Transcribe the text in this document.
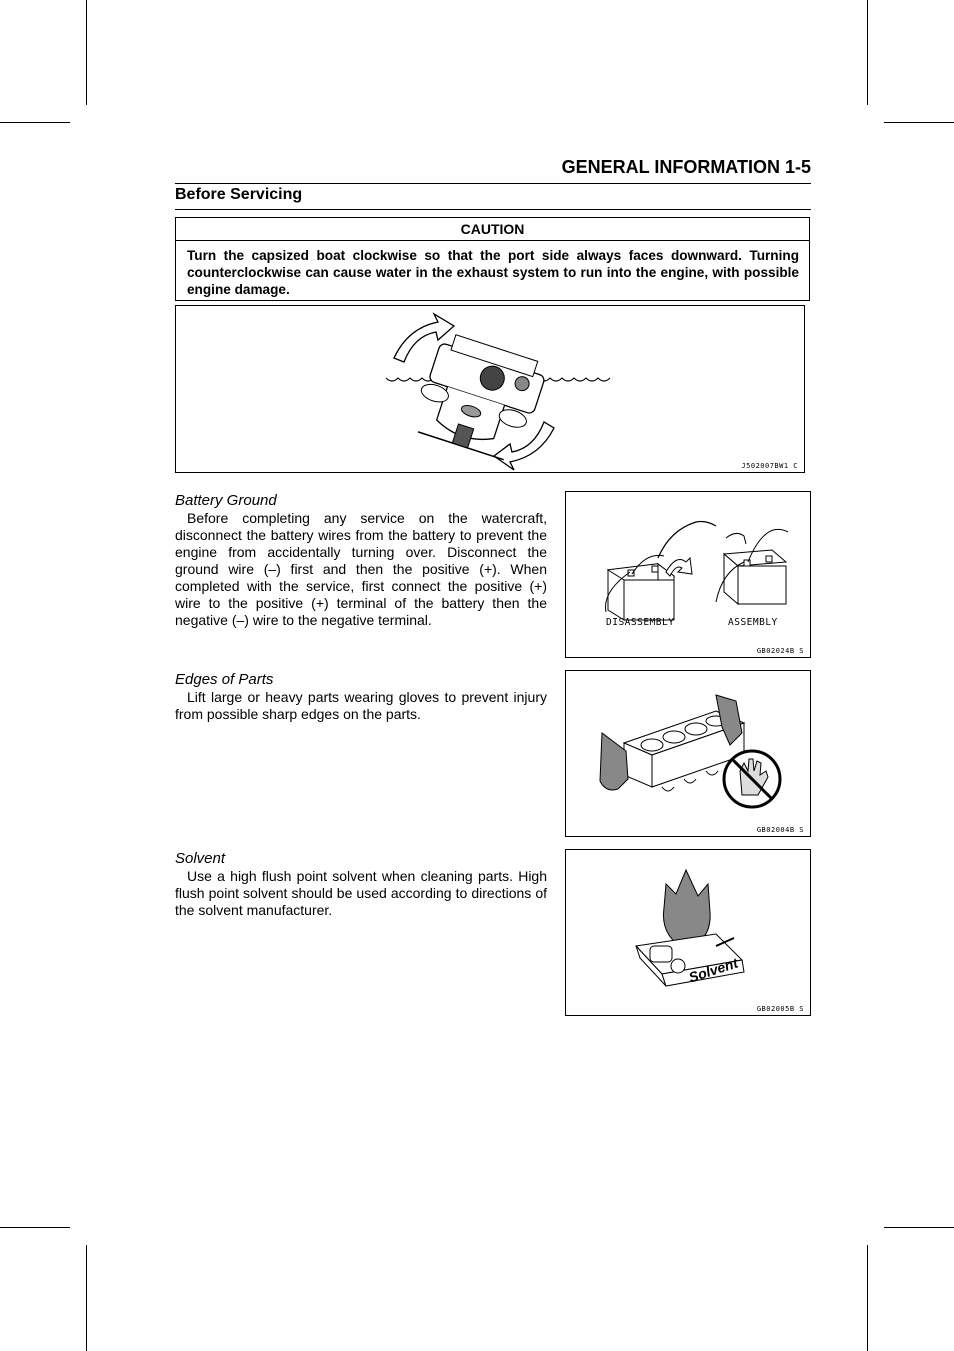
GENERAL INFORMATION 1-5
Before Servicing
CAUTION
Turn the capsized boat clockwise so that the port side always faces downward. Turning counterclockwise can cause water in the exhaust system to run into the engine, with possible engine damage.
J502007BW1 C
Battery Ground
Before completing any service on the watercraft, disconnect the battery wires from the battery to prevent the engine from accidentally turning over. Disconnect the ground wire (–) first and then the positive (+). When completed with the service, first connect the positive (+) wire to the positive (+) terminal of the battery then the negative (–) wire to the negative terminal.	DISASSEMBLY	ASSEMBLY
GB02024B S
Edges of Parts
Lift large or heavy parts wearing gloves to prevent injury from possible sharp edges on the parts.
GB02004B S
Solvent
Use a high flush point solvent when cleaning parts. High flush point solvent should be used according to directions of the solvent manufacturer.
Solvent
GB02005B S
